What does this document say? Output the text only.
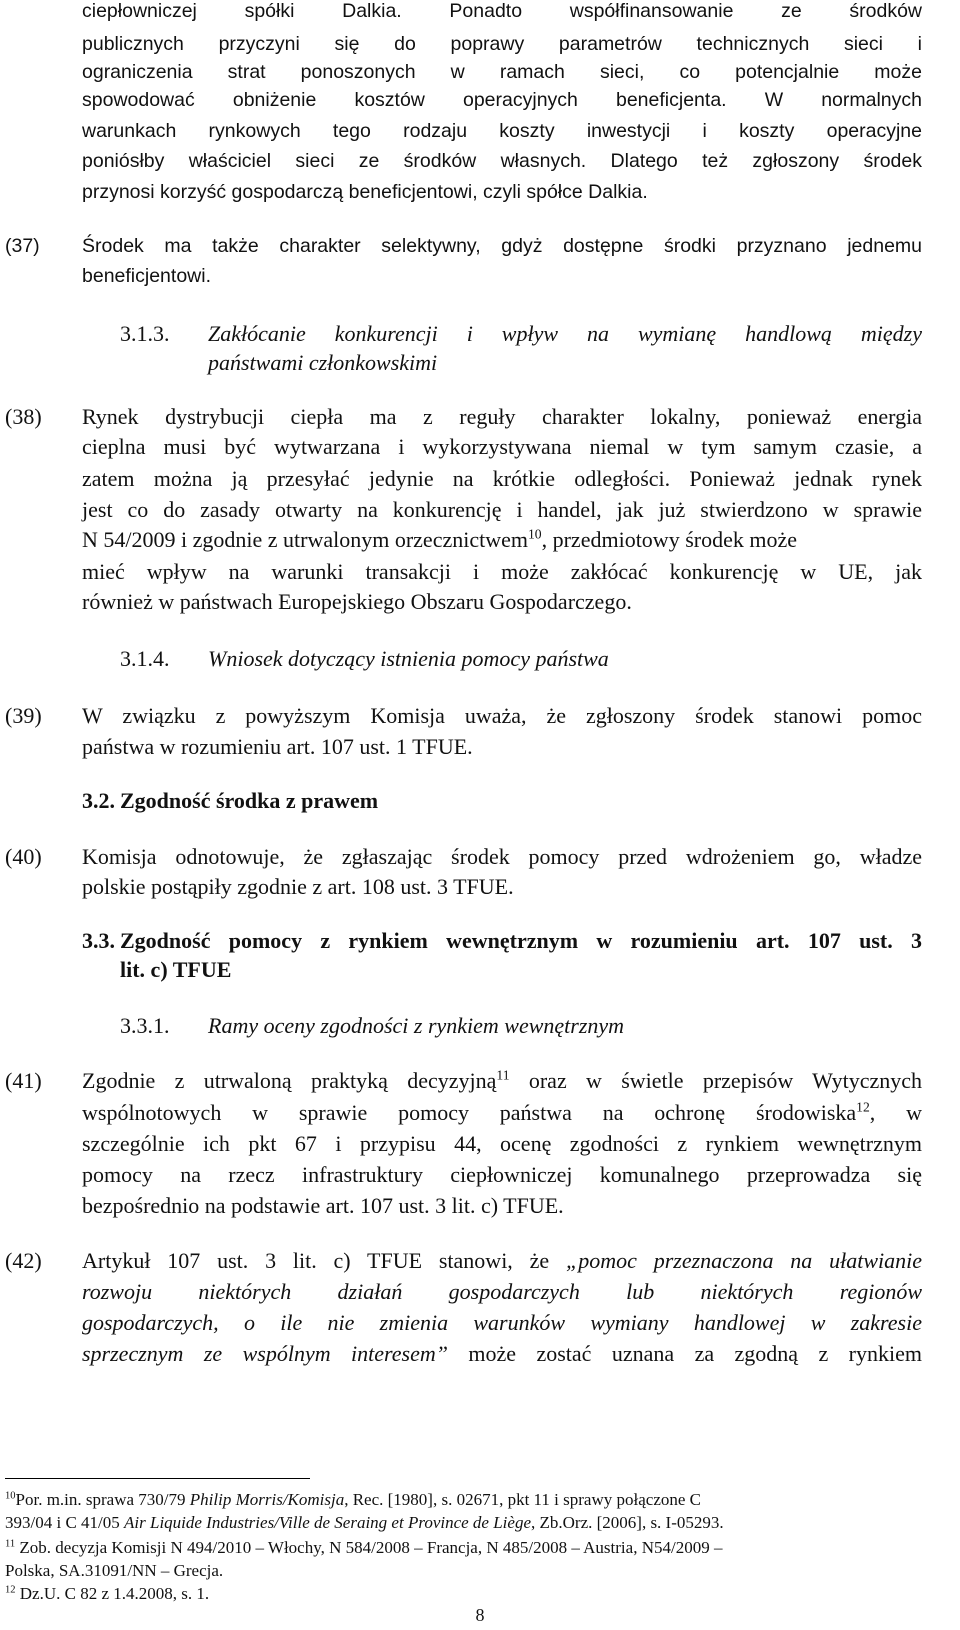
ciepłowniczej spółki Dalkia. Ponadto współfinansowanie ze środków
publicznych przyczyni się do poprawy parametrów technicznych sieci i
ograniczenia strat ponoszonych w ramach sieci, co potencjalnie może
spowodować obniżenie kosztów operacyjnych beneficjenta. W normalnych
warunkach rynkowych tego rodzaju koszty inwestycji i koszty operacyjne
poniósłby właściciel sieci ze środków własnych. Dlatego też zgłoszony środek
przynosi korzyść gospodarczą beneficjentowi, czyli spółce Dalkia.
(37) Środek ma także charakter selektywny, gdyż dostępne środki przyznano jednemu
beneficjentowi.
3.1.3. Zakłócanie konkurencji i wpływ na wymianę handlową między
państwami członkowskimi
(38) Rynek dystrybucji ciepła ma z reguły charakter lokalny, ponieważ energia
cieplna musi być wytwarzana i wykorzystywana niemal w tym samym czasie, a
zatem można ją przesyłać jedynie na krótkie odległości. Ponieważ jednak rynek
jest co do zasady otwarty na konkurencję i handel, jak już stwierdzono w sprawie
N 54/2009 i zgodnie z utrwalonym orzecznictwem$^{10}$, przedmiotowy środek może
mieć wpływ na warunki transakcji i może zakłócać konkurencję w UE, jak
również w państwach Europejskiego Obszaru Gospodarczego.
3.1.4. Wniosek dotyczący istnienia pomocy państwa
(39) W związku z powyższym Komisja uważa, że zgłoszony środek stanowi pomoc
państwa w rozumieniu art. 107 ust. 1 TFUE.
3.2. Zgodność środka z prawem
(40) Komisja odnotowuje, że zgłaszając środek pomocy przed wdrożeniem go, władze
polskie postąpiły zgodnie z art. 108 ust. 3 TFUE.
3.3. Zgodność pomocy z rynkiem wewnętrznym w rozumieniu art. 107 ust. 3
lit. c) TFUE
3.3.1. Ramy oceny zgodności z rynkiem wewnętrznym
(41) Zgodnie z utrwaloną praktyką decyzyjną$^{11}$ oraz w świetle przepisów Wytycznych
wspólnotowych w sprawie pomocy państwa na ochronę środowiska$^{12}$, w
szczególnie ich pkt 67 i przypisu 44, ocenę zgodności z rynkiem wewnętrznym
pomocy na rzecz infrastruktury ciepłowniczej komunalnego przeprowadza się
bezpośrednio na podstawie art. 107 ust. 3 lit. c) TFUE.
(42) Artykuł 107 ust. 3 lit. c) TFUE stanowi, że „pomoc przeznaczona na ułatwianie
rozwoju niektórych działań gospodarczych lub niektórych regionów
gospodarczych, o ile nie zmienia warunków wymiany handlowej w zakresie
sprzecznym ze wspólnym interesem” może zostać uznana za zgodną z rynkiem
$^{10}$Por. m.in. sprawa 730/79 Philip Morris/Komisja, Rec. [1980], s. 02671, pkt 11 i sprawy połączone C
393/04 i C 41/05 Air Liquide Industries/Ville de Seraing et Province de Liège, Zb.Orz. [2006], s. I-05293.
$^{11}$ Zob. decyzja Komisji N 494/2010 – Włochy, N 584/2008 – Francja, N 485/2008 – Austria, N54/2009 –
Polska, SA.31091/NN – Grecja.
$^{12}$ Dz.U. C 82 z 1.4.2008, s. 1.
8
